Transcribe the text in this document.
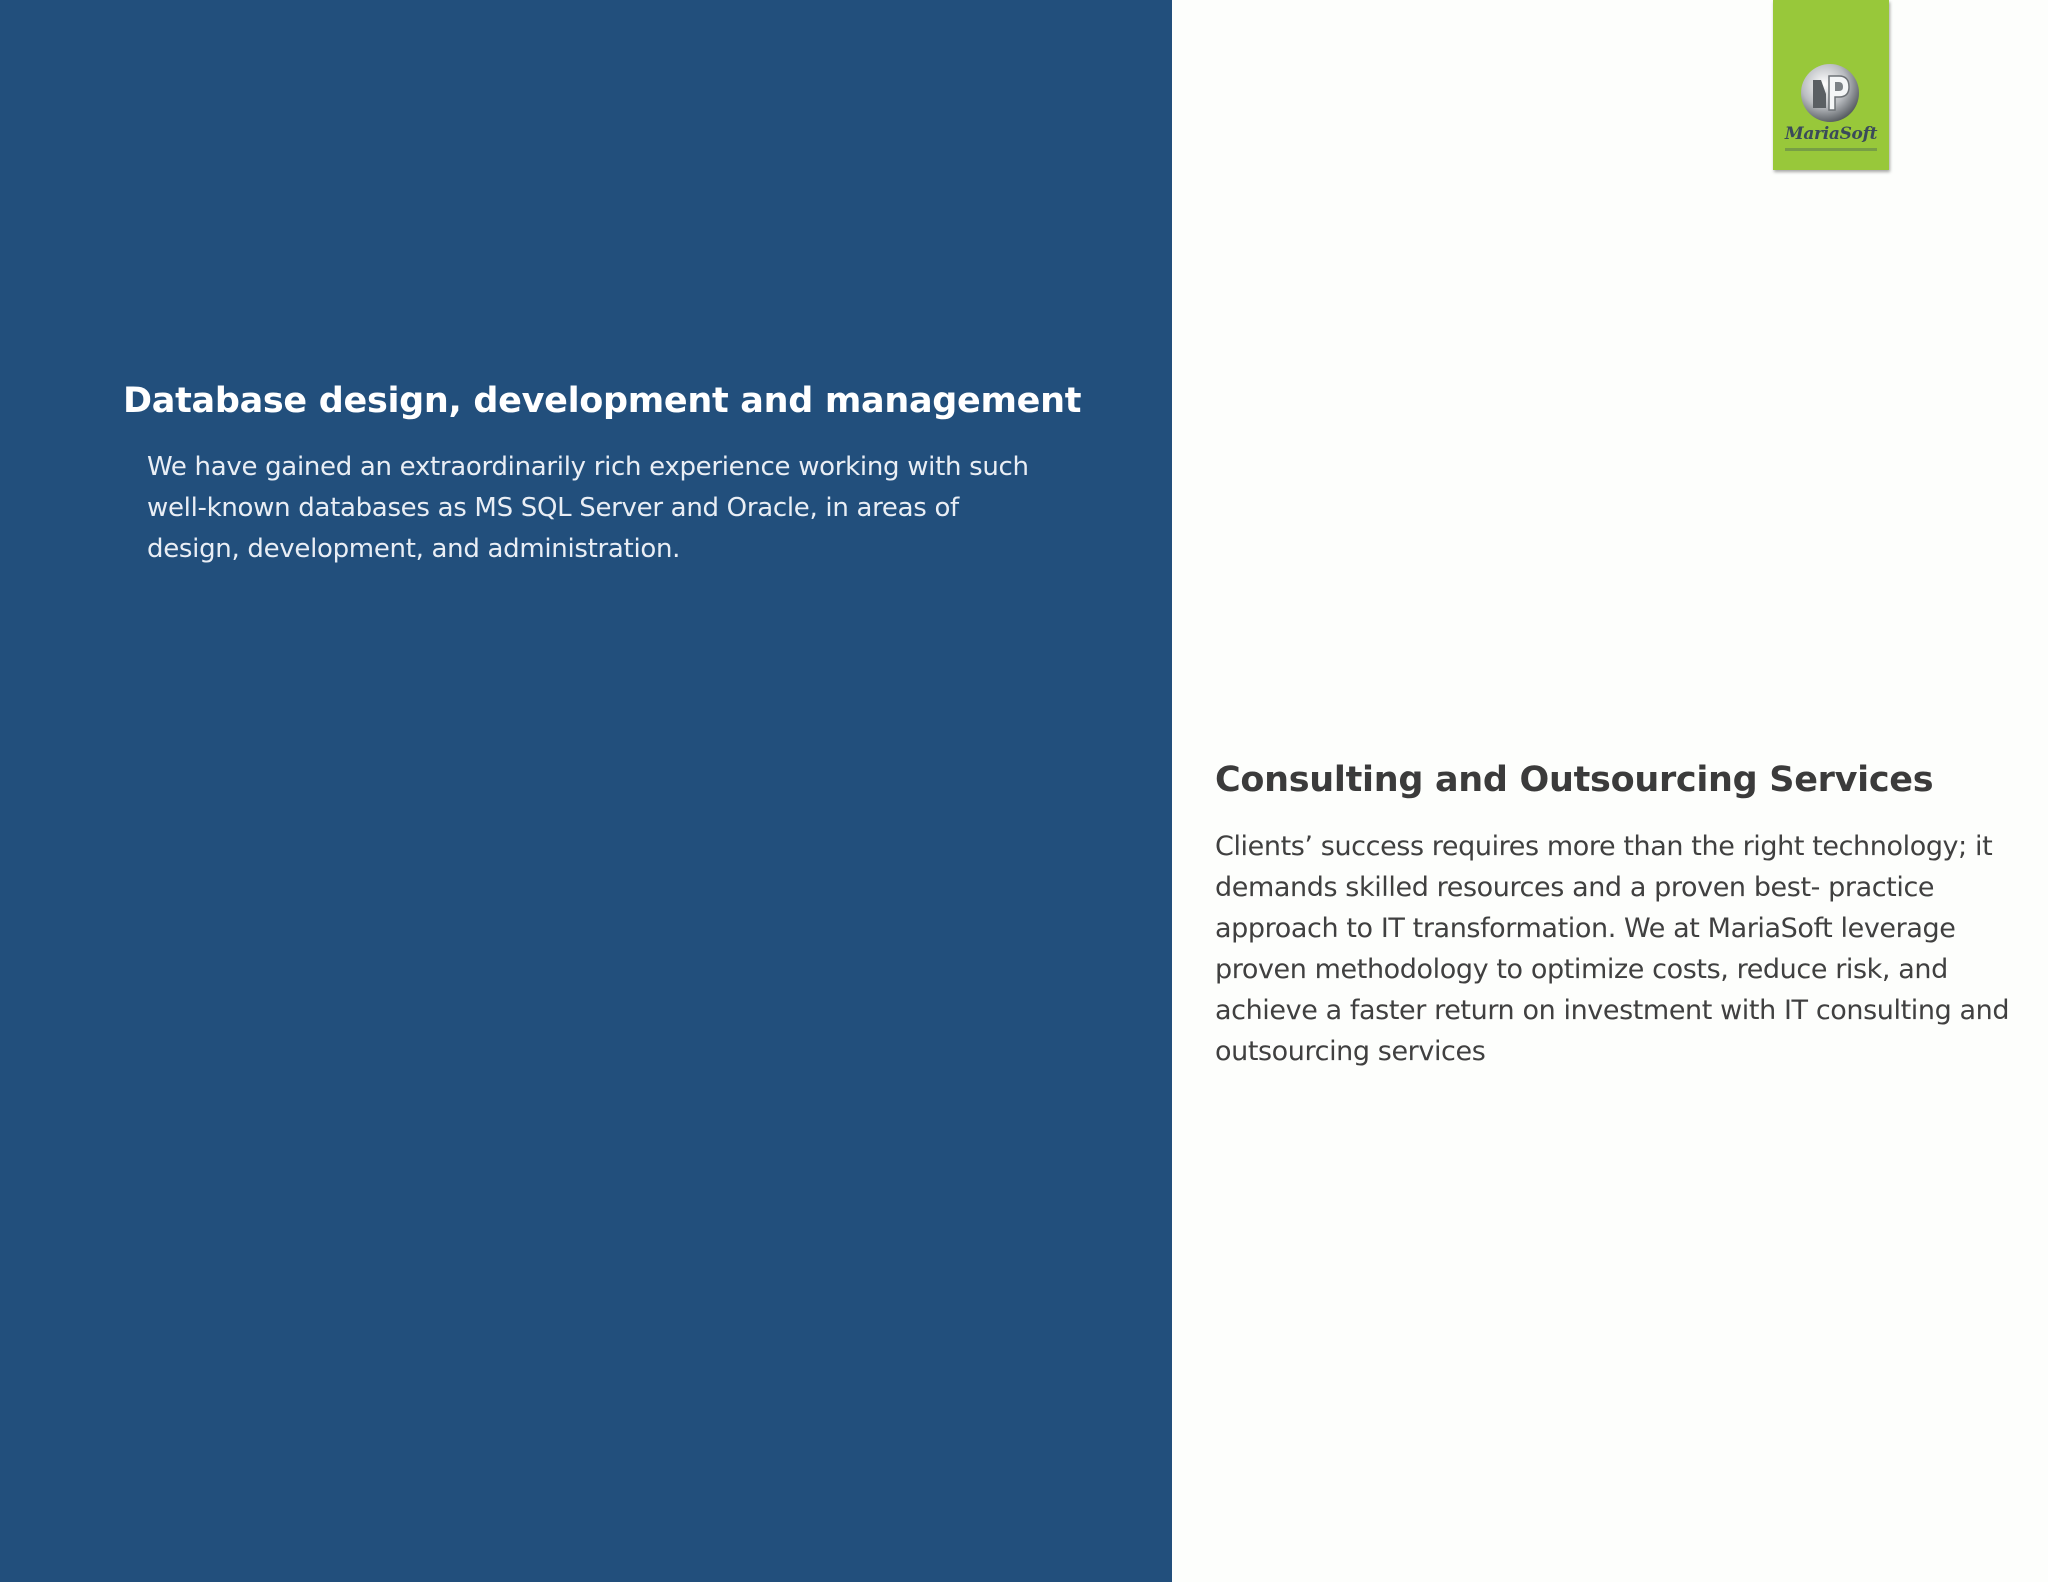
Database design, development and management

We have gained an extraordinarily rich experience working with such well-known databases as MS SQL Server and Oracle, in areas of design, development, and administration.

Consulting and Outsourcing Services

Clients’ success requires more than the right technology; it demands skilled resources and a proven best- practice approach to IT transformation. We at MariaSoft leverage proven methodology to optimize costs, reduce risk, and achieve a faster return on investment with IT consulting and outsourcing services

MariaSoft
